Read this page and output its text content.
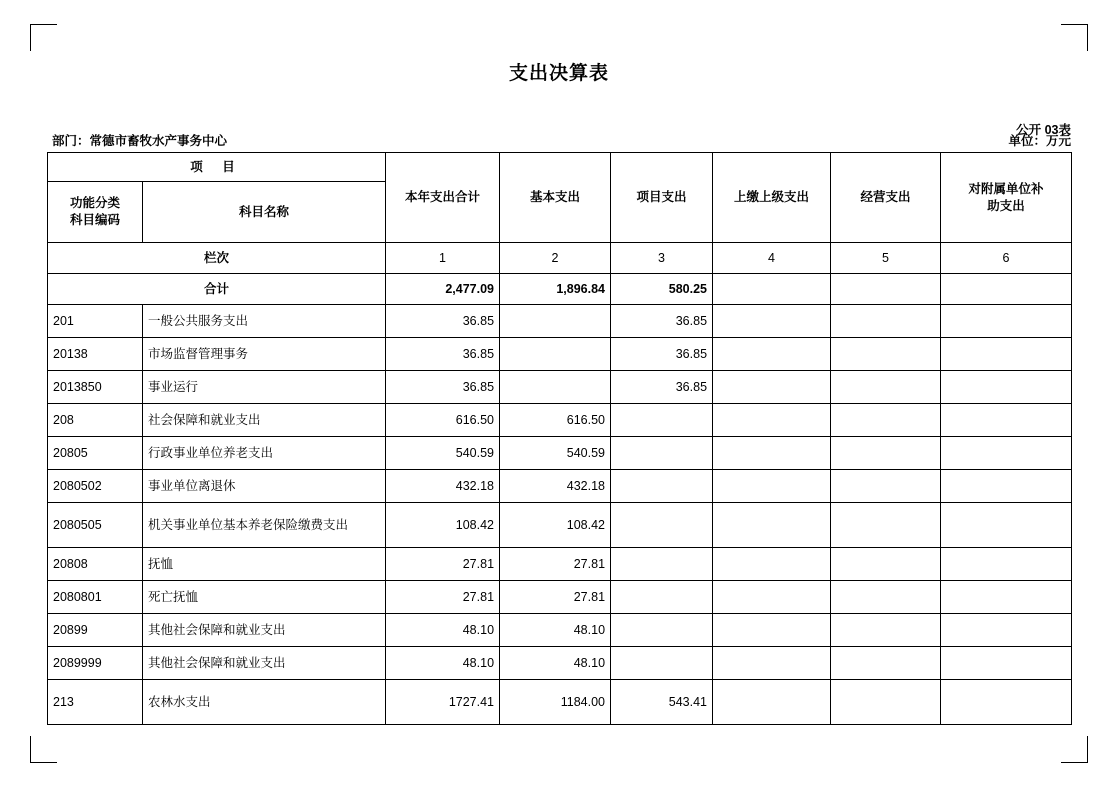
支出决算表
公开 03表
部门：常德市畜牧水产事务中心	单位：万元
项 目		本年支出合计	基本支出	项目支出	上缴上级支出	经营支出	对附属单位补
助支出
功能分类
科目编码	科目名称						
栏次		1	2	3	4	5	6
合计		2,477.09	1,896.84	580.25			
201	一般公共服务支出	36.85		36.85			
20138	市场监督管理事务	36.85		36.85			
2013850	事业运行	36.85		36.85			
208	社会保障和就业支出	616.50	616.50				
20805	行政事业单位养老支出	540.59	540.59				
2080502	事业单位离退休	432.18	432.18				
2080505	机关事业单位基本养老保险缴费支出	108.42	108.42				
20808	抚恤	27.81	27.81				
2080801	死亡抚恤	27.81	27.81				
20899	其他社会保障和就业支出	48.10	48.10				
2089999	其他社会保障和就业支出	48.10	48.10				
213	农林水支出	1727.41	1184.00	543.41			
